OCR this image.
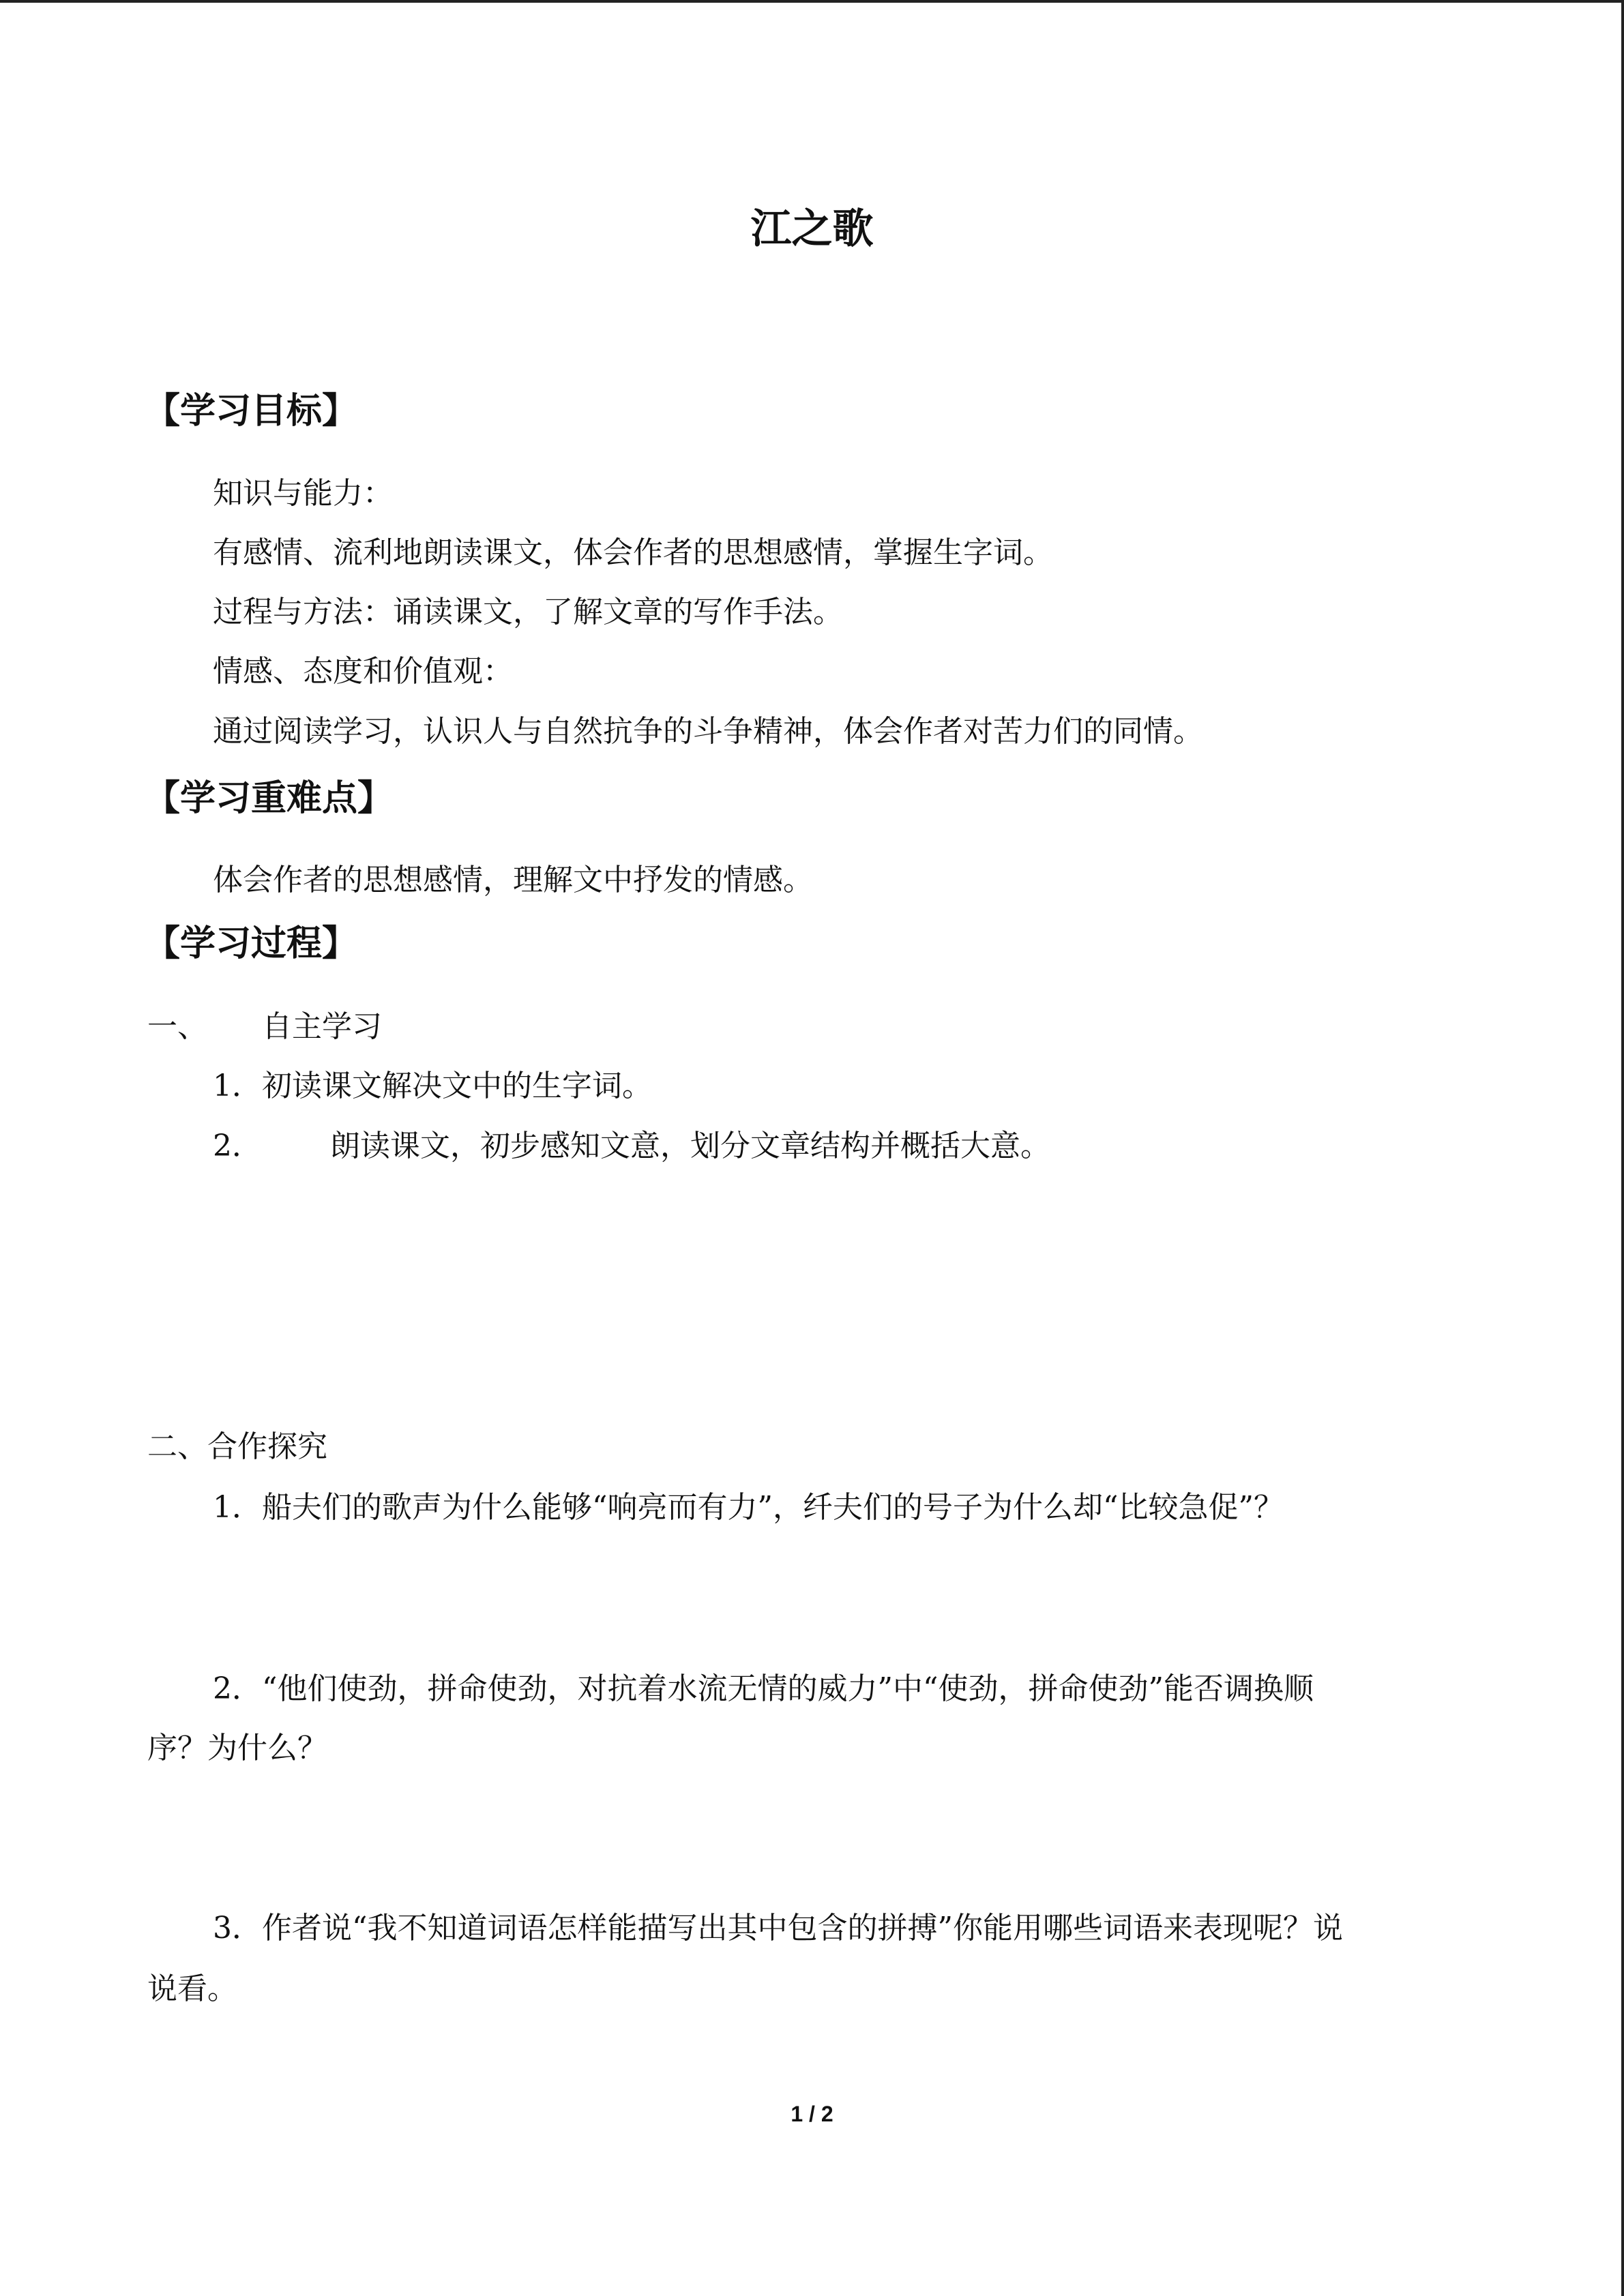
江之歌
【学习目标】
知识与能力：
有感情、流利地朗读课文，体会作者的思想感情，掌握生字词。
过程与方法：诵读课文，了解文章的写作手法。
情感、态度和价值观：
通过阅读学习，认识人与自然抗争的斗争精神，体会作者对苦力们的同情。
【学习重难点】
体会作者的思想感情，理解文中抒发的情感。
【学习过程】
一、 自主学习
1．初读课文解决文中的生字词。
2． 朗读课文，初步感知文意，划分文章结构并概括大意。
二、合作探究
1．船夫们的歌声为什么能够“响亮而有力”，纤夫们的号子为什么却“比较急促”？
2．“他们使劲，拼命使劲，对抗着水流无情的威力”中“使劲，拼命使劲”能否调换顺
序？为什么？
3．作者说“我不知道词语怎样能描写出其中包含的拼搏”你能用哪些词语来表现呢？说
说看。
1 / 2
